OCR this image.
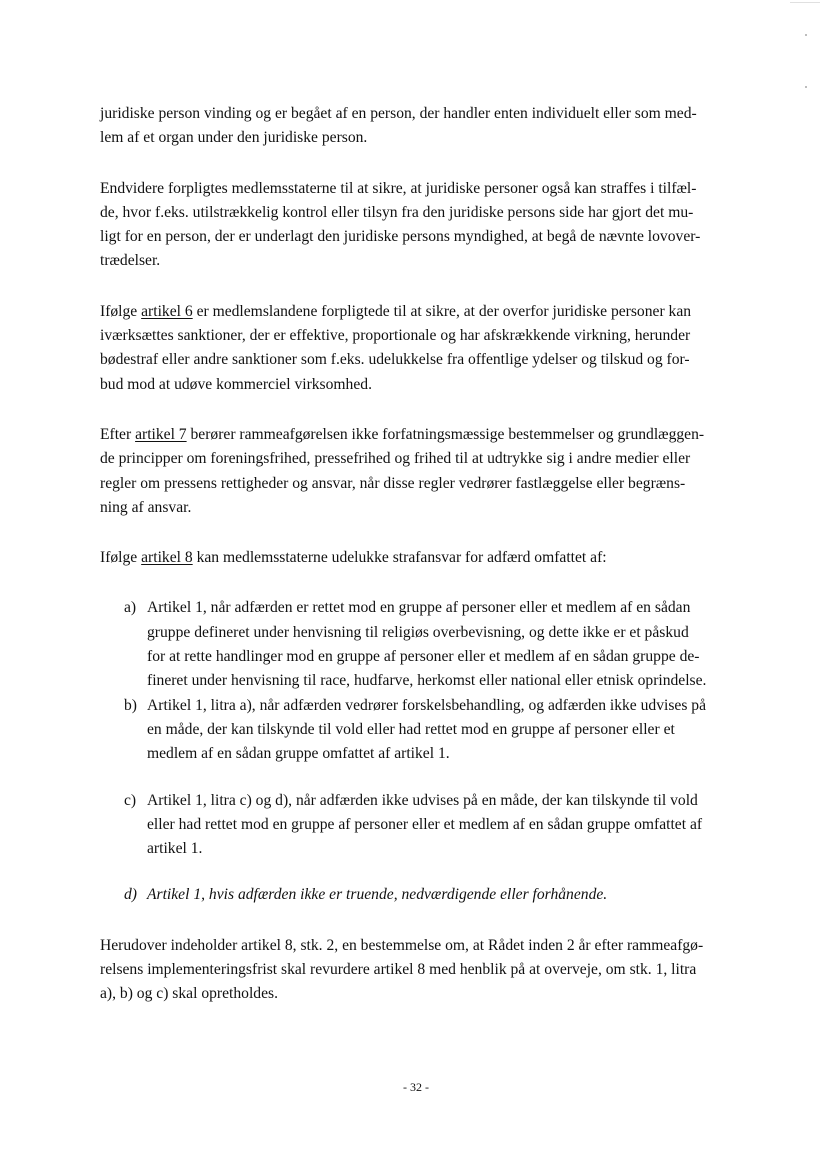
juridiske person vinding og er begået af en person, der handler enten individuelt eller som med-
lem af et organ under den juridiske person.

Endvidere forpligtes medlemsstaterne til at sikre, at juridiske personer også kan straffes i tilfæl-
de, hvor f.eks. utilstrækkelig kontrol eller tilsyn fra den juridiske persons side har gjort det mu-
ligt for en person, der er underlagt den juridiske persons myndighed, at begå de nævnte lovover-
trædelser.

Ifølge artikel 6 er medlemslandene forpligtede til at sikre, at der overfor juridiske personer kan
iværksættes sanktioner, der er effektive, proportionale og har afskrækkende virkning, herunder
bødestraf eller andre sanktioner som f.eks. udelukkelse fra offentlige ydelser og tilskud og for-
bud mod at udøve kommerciel virksomhed.

Efter artikel 7 berører rammeafgørelsen ikke forfatningsmæssige bestemmelser og grundlæggen-
de principper om foreningsfrihed, pressefrihed og frihed til at udtrykke sig i andre medier eller
regler om pressens rettigheder og ansvar, når disse regler vedrører fastlæggelse eller begræns-
ning af ansvar.

Ifølge artikel 8 kan medlemsstaterne udelukke strafansvar for adfærd omfattet af:

a) Artikel 1, når adfærden er rettet mod en gruppe af personer eller et medlem af en sådan
gruppe defineret under henvisning til religiøs overbevisning, og dette ikke er et påskud
for at rette handlinger mod en gruppe af personer eller et medlem af en sådan gruppe de-
fineret under henvisning til race, hudfarve, herkomst eller national eller etnisk oprindelse.
b) Artikel 1, litra a), når adfærden vedrører forskelsbehandling, og adfærden ikke udvises på
en måde, der kan tilskynde til vold eller had rettet mod en gruppe af personer eller et
medlem af en sådan gruppe omfattet af artikel 1.
c) Artikel 1, litra c) og d), når adfærden ikke udvises på en måde, der kan tilskynde til vold
eller had rettet mod en gruppe af personer eller et medlem af en sådan gruppe omfattet af
artikel 1.
d) Artikel 1, hvis adfærden ikke er truende, nedværdigende eller forhånende.

Herudover indeholder artikel 8, stk. 2, en bestemmelse om, at Rådet inden 2 år efter rammeafgø-
relsens implementeringsfrist skal revurdere artikel 8 med henblik på at overveje, om stk. 1, litra
a), b) og c) skal opretholdes.

- 32 -
